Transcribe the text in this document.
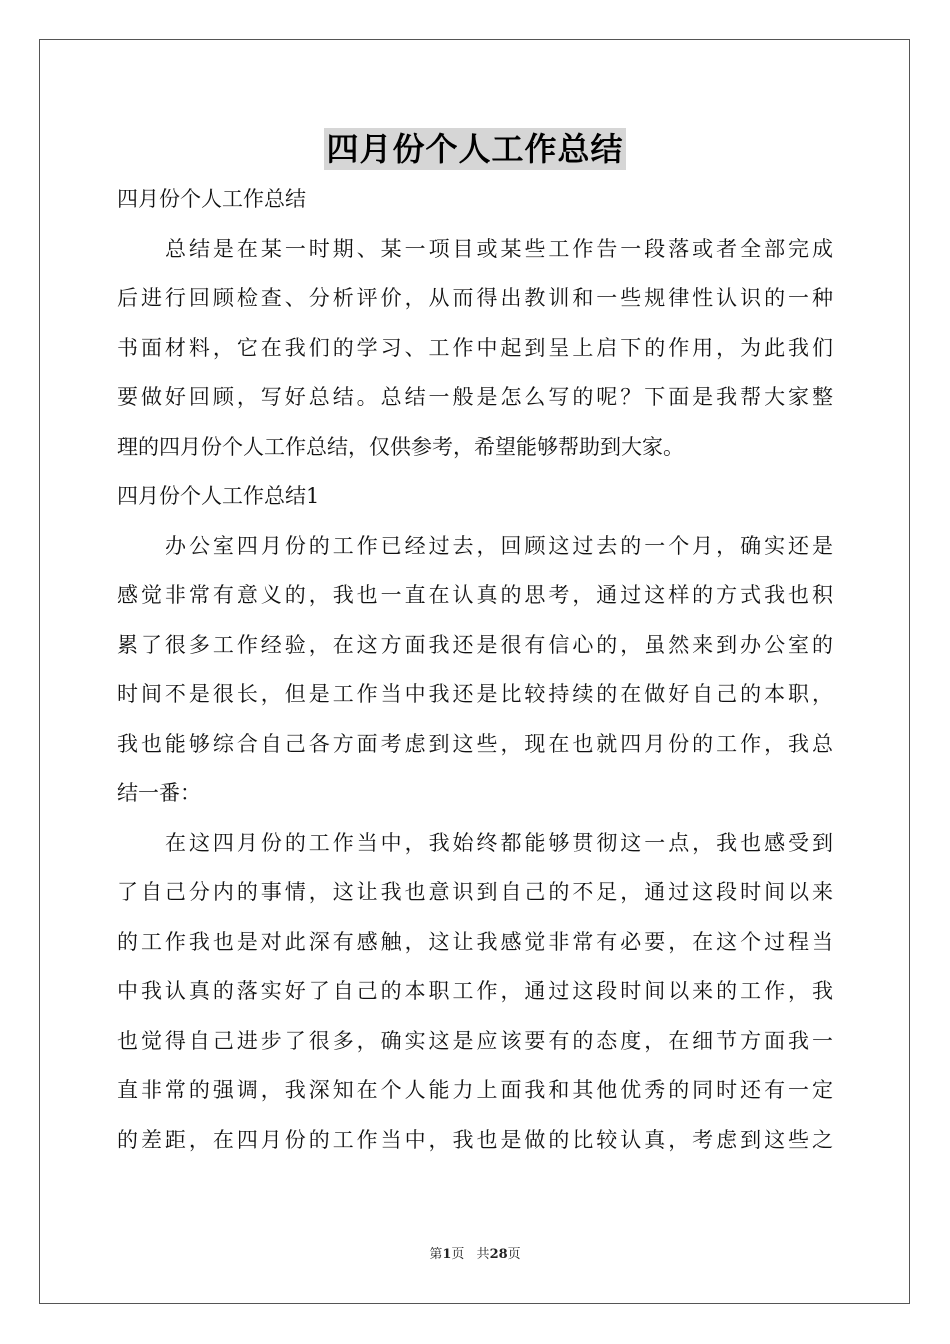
四月份个人工作总结
四月份个人工作总结
总结是在某一时期、某一项目或某些工作告一段落或者全部完成
后进行回顾检查、分析评价，从而得出教训和一些规律性认识的一种
书面材料，它在我们的学习、工作中起到呈上启下的作用，为此我们
要做好回顾，写好总结。总结一般是怎么写的呢？下面是我帮大家整
理的四月份个人工作总结，仅供参考，希望能够帮助到大家。
四月份个人工作总结1
办公室四月份的工作已经过去，回顾这过去的一个月，确实还是
感觉非常有意义的，我也一直在认真的思考，通过这样的方式我也积
累了很多工作经验，在这方面我还是很有信心的，虽然来到办公室的
时间不是很长，但是工作当中我还是比较持续的在做好自己的本职，
我也能够综合自己各方面考虑到这些，现在也就四月份的工作，我总
结一番：
在这四月份的工作当中，我始终都能够贯彻这一点，我也感受到
了自己分内的事情，这让我也意识到自己的不足，通过这段时间以来
的工作我也是对此深有感触，这让我感觉非常有必要，在这个过程当
中我认真的落实好了自己的本职工作，通过这段时间以来的工作，我
也觉得自己进步了很多，确实这是应该要有的态度，在细节方面我一
直非常的强调，我深知在个人能力上面我和其他优秀的同时还有一定
的差距，在四月份的工作当中，我也是做的比较认真，考虑到这些之
第1页 共28页
